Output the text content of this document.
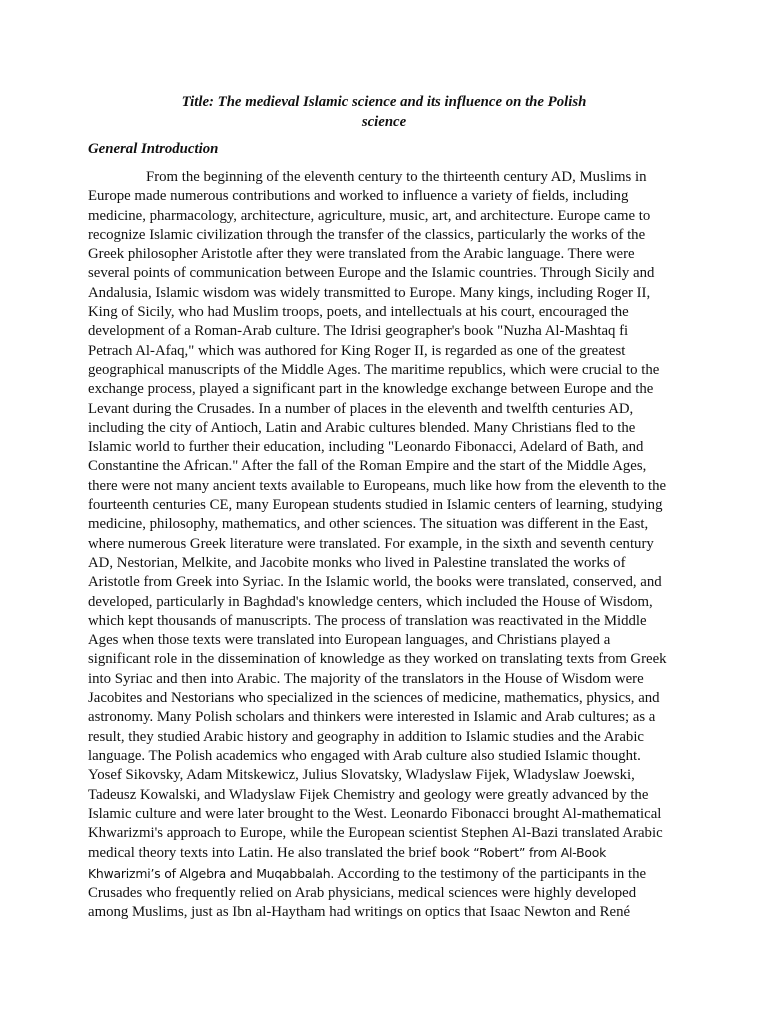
Title: The medieval Islamic science and its influence on the Polish
science
General Introduction
From the beginning of the eleventh century to the thirteenth century AD, Muslims in
Europe made numerous contributions and worked to influence a variety of fields, including
medicine, pharmacology, architecture, agriculture, music, art, and architecture. Europe came to
recognize Islamic civilization through the transfer of the classics, particularly the works of the
Greek philosopher Aristotle after they were translated from the Arabic language. There were
several points of communication between Europe and the Islamic countries. Through Sicily and
Andalusia, Islamic wisdom was widely transmitted to Europe. Many kings, including Roger II,
King of Sicily, who had Muslim troops, poets, and intellectuals at his court, encouraged the
development of a Roman-Arab culture. The Idrisi geographer's book "Nuzha Al-Mashtaq fi
Petrach Al-Afaq," which was authored for King Roger II, is regarded as one of the greatest
geographical manuscripts of the Middle Ages. The maritime republics, which were crucial to the
exchange process, played a significant part in the knowledge exchange between Europe and the
Levant during the Crusades. In a number of places in the eleventh and twelfth centuries AD,
including the city of Antioch, Latin and Arabic cultures blended. Many Christians fled to the
Islamic world to further their education, including "Leonardo Fibonacci, Adelard of Bath, and
Constantine the African." After the fall of the Roman Empire and the start of the Middle Ages,
there were not many ancient texts available to Europeans, much like how from the eleventh to the
fourteenth centuries CE, many European students studied in Islamic centers of learning, studying
medicine, philosophy, mathematics, and other sciences. The situation was different in the East,
where numerous Greek literature were translated. For example, in the sixth and seventh century
AD, Nestorian, Melkite, and Jacobite monks who lived in Palestine translated the works of
Aristotle from Greek into Syriac. In the Islamic world, the books were translated, conserved, and
developed, particularly in Baghdad's knowledge centers, which included the House of Wisdom,
which kept thousands of manuscripts. The process of translation was reactivated in the Middle
Ages when those texts were translated into European languages, and Christians played a
significant role in the dissemination of knowledge as they worked on translating texts from Greek
into Syriac and then into Arabic. The majority of the translators in the House of Wisdom were
Jacobites and Nestorians who specialized in the sciences of medicine, mathematics, physics, and
astronomy. Many Polish scholars and thinkers were interested in Islamic and Arab cultures; as a
result, they studied Arabic history and geography in addition to Islamic studies and the Arabic
language. The Polish academics who engaged with Arab culture also studied Islamic thought.
Yosef Sikovsky, Adam Mitskewicz, Julius Slovatsky, Wladyslaw Fijek, Wladyslaw Joewski,
Tadeusz Kowalski, and Wladyslaw Fijek Chemistry and geology were greatly advanced by the
Islamic culture and were later brought to the West. Leonardo Fibonacci brought Al-mathematical
Khwarizmi's approach to Europe, while the European scientist Stephen Al-Bazi translated Arabic
medical theory texts into Latin. He also translated the brief book “Robert” from Al-Book
Khwarizmi’s of Algebra and Muqabbalah. According to the testimony of the participants in the
Crusades who frequently relied on Arab physicians, medical sciences were highly developed
among Muslims, just as Ibn al-Haytham had writings on optics that Isaac Newton and René
